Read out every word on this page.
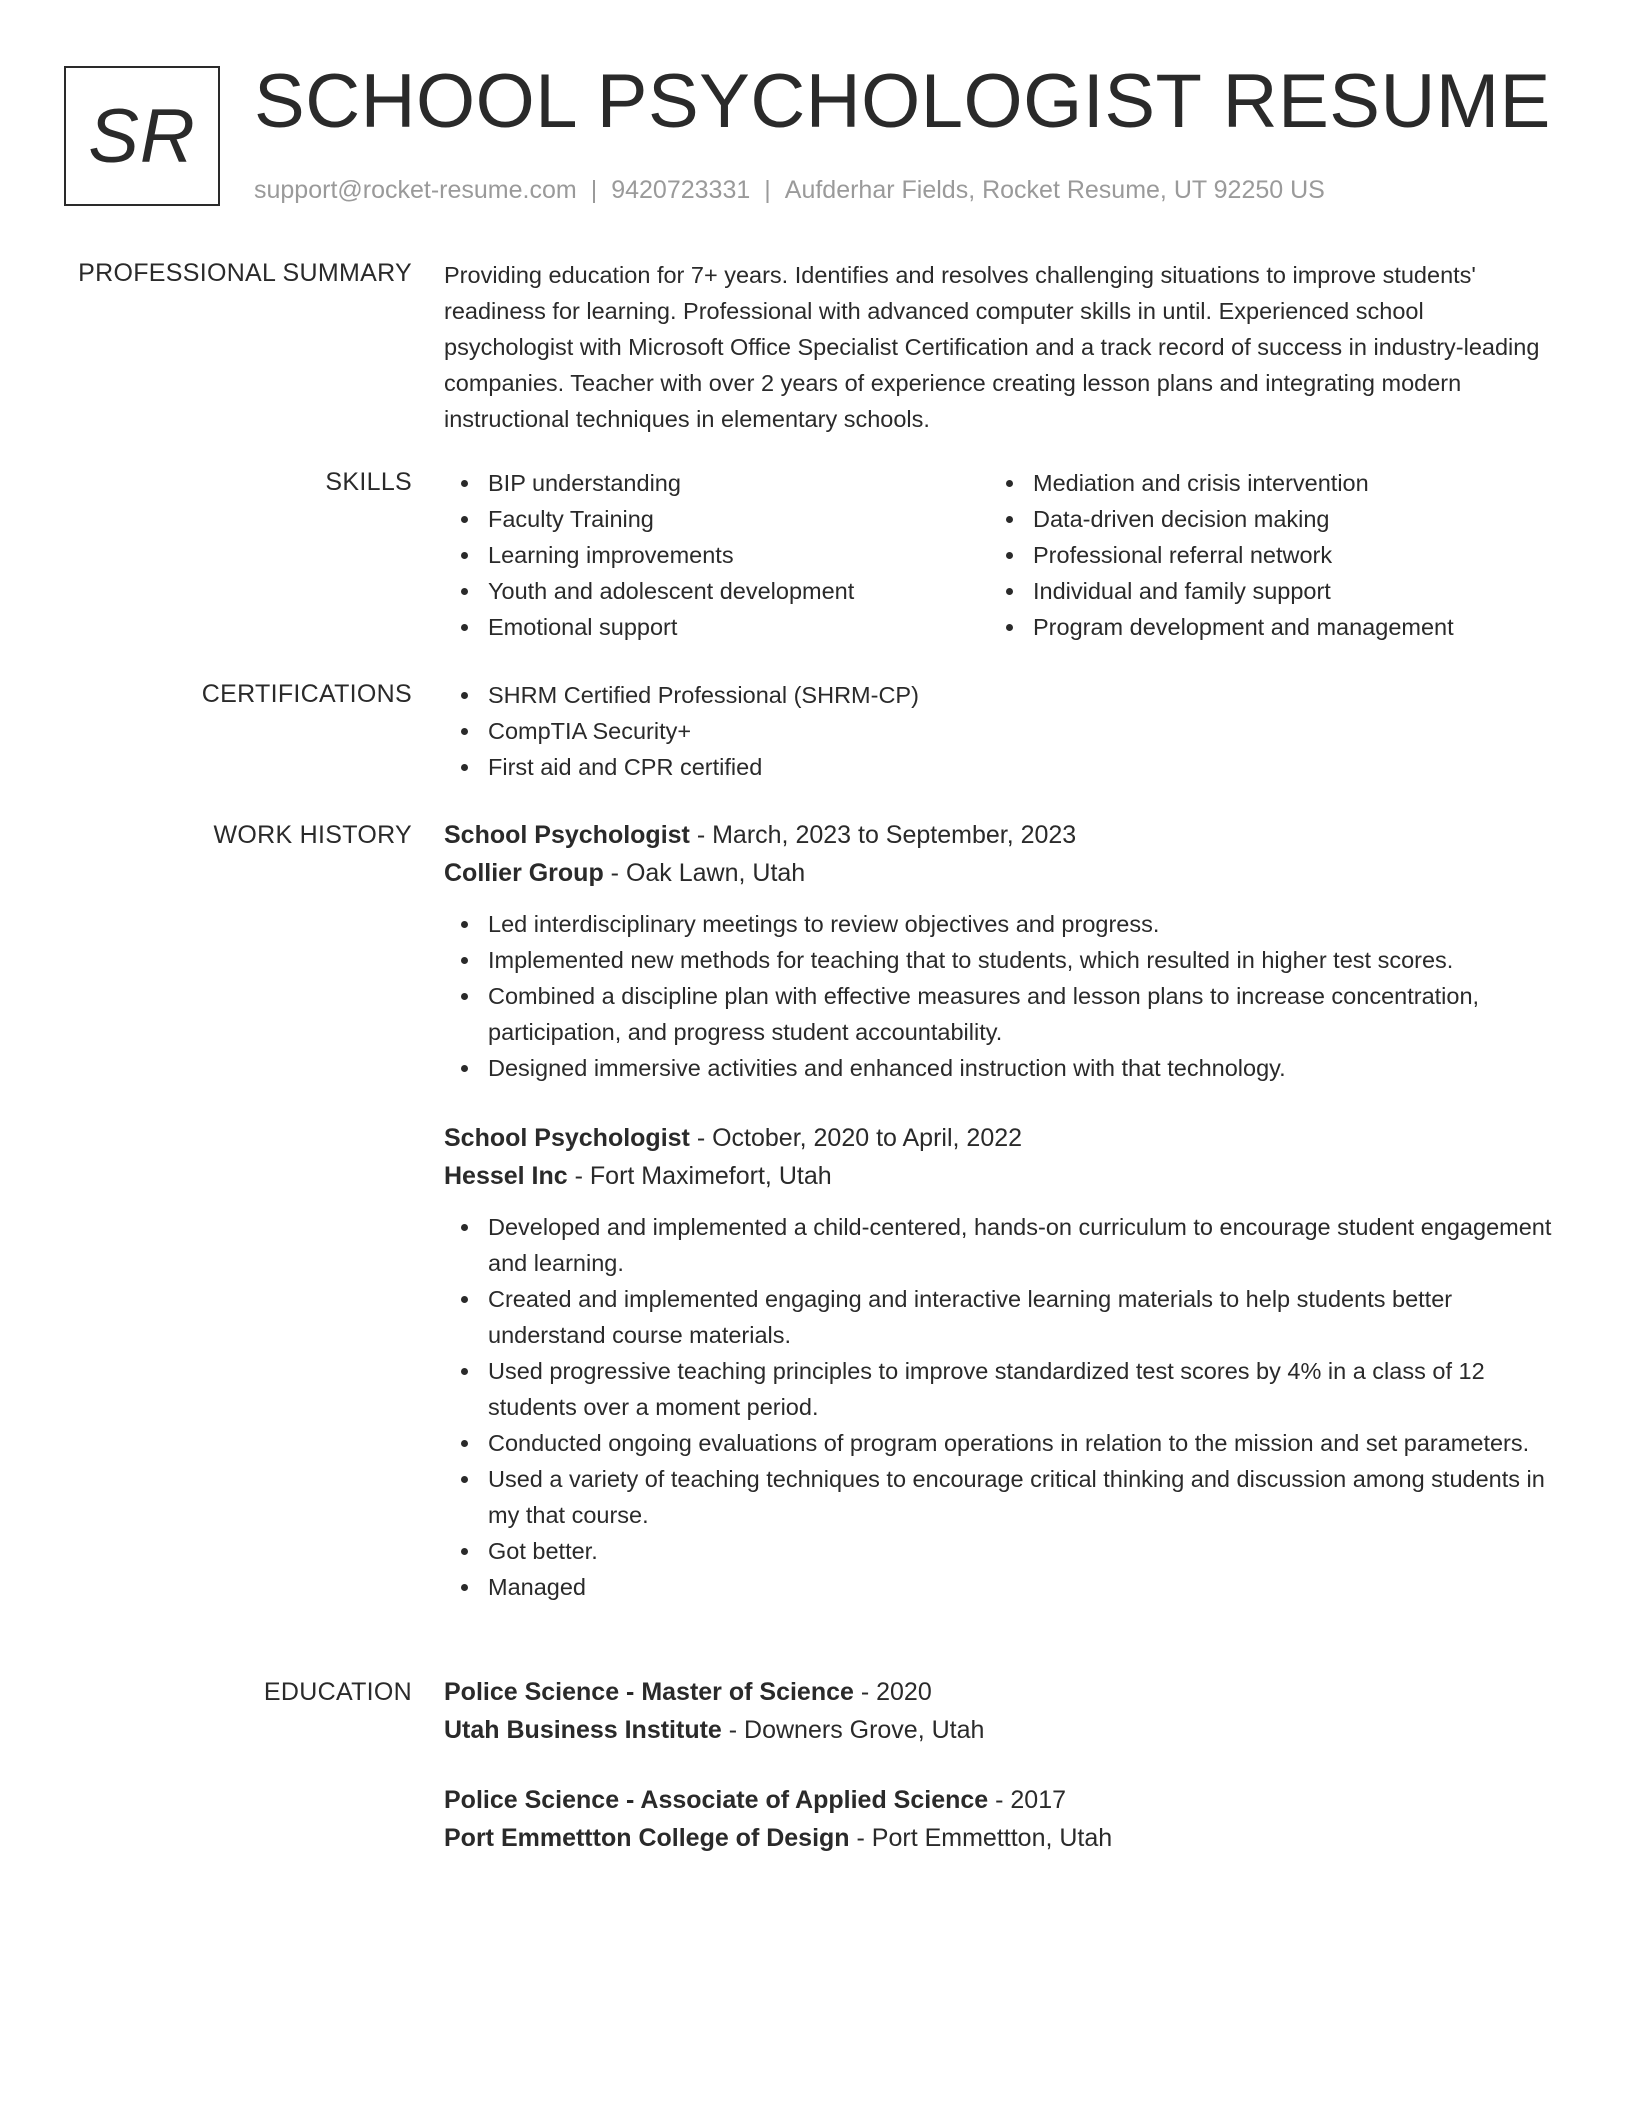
SR SCHOOL PSYCHOLOGIST RESUME
support@rocket-resume.com | 9420723331 | Aufderhar Fields, Rocket Resume, UT 92250 US
PROFESSIONAL SUMMARY Providing education for 7+ years. Identifies and resolves challenging situations to improve students' readiness for learning. Professional with advanced computer skills in until. Experienced school psychologist with Microsoft Office Specialist Certification and a track record of success in industry-leading companies. Teacher with over 2 years of experience creating lesson plans and integrating modern instructional techniques in elementary schools.

SKILLS	BIP understanding
Faculty Training
Learning improvements
Youth and adolescent development
Emotional support
Mediation and crisis intervention
Data-driven decision making
Professional referral network
Individual and family support
Program development and management
CERTIFICATIONS	SHRM Certified Professional (SHRM-CP)
CompTIA Security+
First aid and CPR certified
WORK HISTORY School Psychologist - March, 2023 to September, 2023
Collier Group - Oak Lawn, Utah
Led interdisciplinary meetings to review objectives and progress.
Implemented new methods for teaching that to students, which resulted in higher test scores.
Combined a discipline plan with effective measures and lesson plans to increase concentration, participation, and progress student accountability.
Designed immersive activities and enhanced instruction with that technology.
School Psychologist - October, 2020 to April, 2022
Hessel Inc - Fort Maximefort, Utah
Developed and implemented a child-centered, hands-on curriculum to encourage student engagement and learning.
Created and implemented engaging and interactive learning materials to help students better understand course materials.
Used progressive teaching principles to improve standardized test scores by 4% in a class of 12 students over a moment period.
Conducted ongoing evaluations of program operations in relation to the mission and set parameters.
Used a variety of teaching techniques to encourage critical thinking and discussion among students in my that course.
Got better.
Managed
EDUCATION Police Science - Master of Science - 2020
Utah Business Institute - Downers Grove, Utah
Police Science - Associate of Applied Science - 2017
Port Emmettton College of Design - Port Emmettton, Utah
